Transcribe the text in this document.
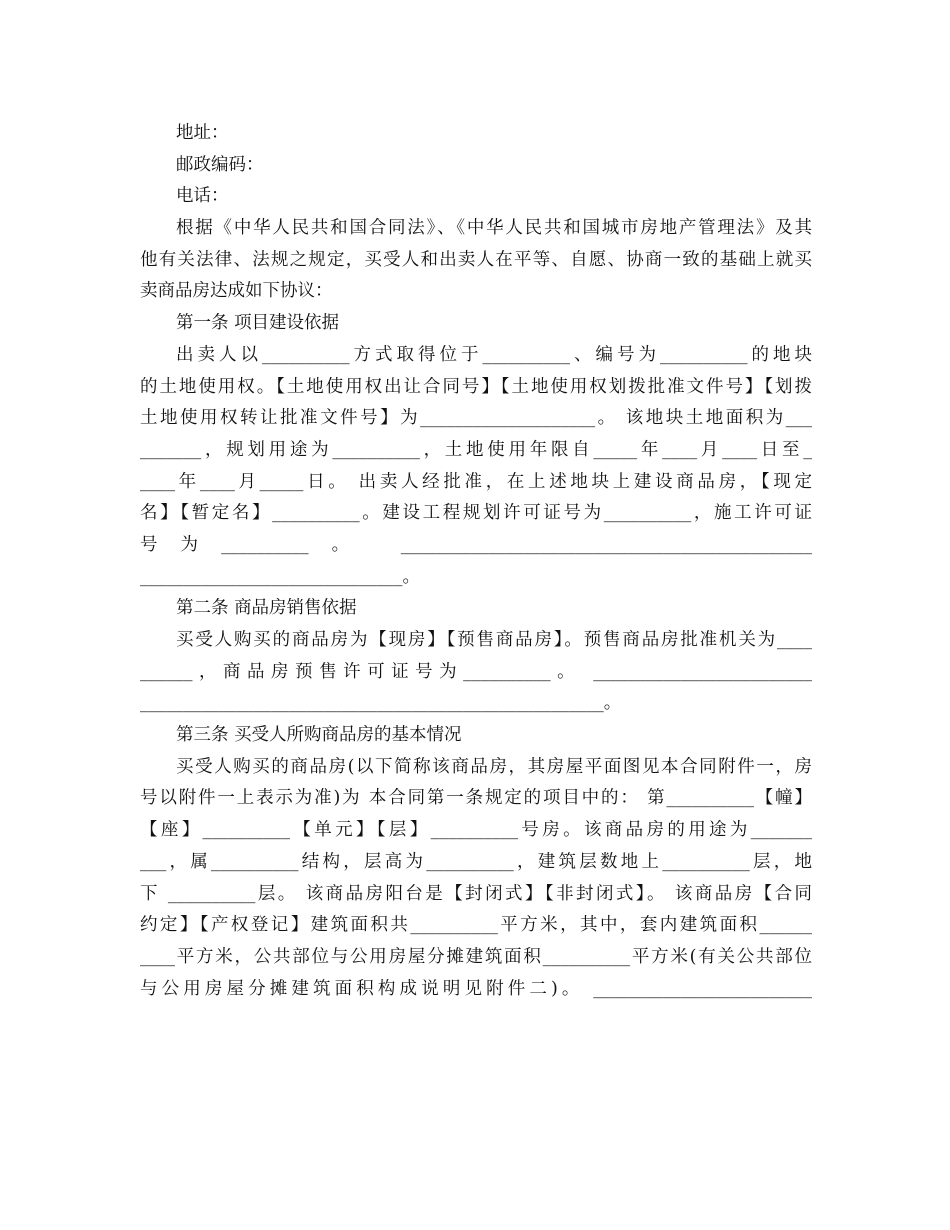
地址：
邮政编码：
电话：
根据《中华人民共和国合同法》、《中华人民共和国城市房地产管理法》及其
他有关法律、法规之规定，买受人和出卖人在平等、自愿、协商一致的基础上就买
卖商品房达成如下协议：
第一条 项目建设依据
出卖人以__________方式取得位于__________、编号为__________的地块
的土地使用权。【土地使用权出让合同号】【土地使用权划拨批准文件号】【划拨
土地使用权转让批准文件号】为____________________。 该地块土地面积为___
_______，规划用途为__________，土地使用年限自_____年____月____日至_
____年____月_____日。 出卖人经批准，在上述地块上建设商品房，【现定
名】【暂定名】__________。建设工程规划许可证号为__________，施工许可证
号为__________。 _______________________________________________
______________________________。
第二条 商品房销售依据
买受人购买的商品房为【现房】【预售商品房】。预售商品房批准机关为____
______，商品房预售许可证号为__________。 _________________________
_____________________________________________________。
第三条 买受人所购商品房的基本情况
买受人购买的商品房(以下简称该商品房，其房屋平面图见本合同附件一，房
号以附件一上表示为准)为 本合同第一条规定的项目中的： 第__________【幢】
【座】__________【单元】【层】__________号房。该商品房的用途为_______
___，属__________结构，层高为__________，建筑层数地上__________层，地
下 __________层。 该商品房阳台是【封闭式】【非封闭式】。 该商品房【合同
约定】【产权登记】建筑面积共__________平方米，其中，套内建筑面积______
____平方米，公共部位与公用房屋分摊建筑面积__________平方米(有关公共部位
与公用房屋分摊建筑面积构成说明见附件二)。 _________________________
